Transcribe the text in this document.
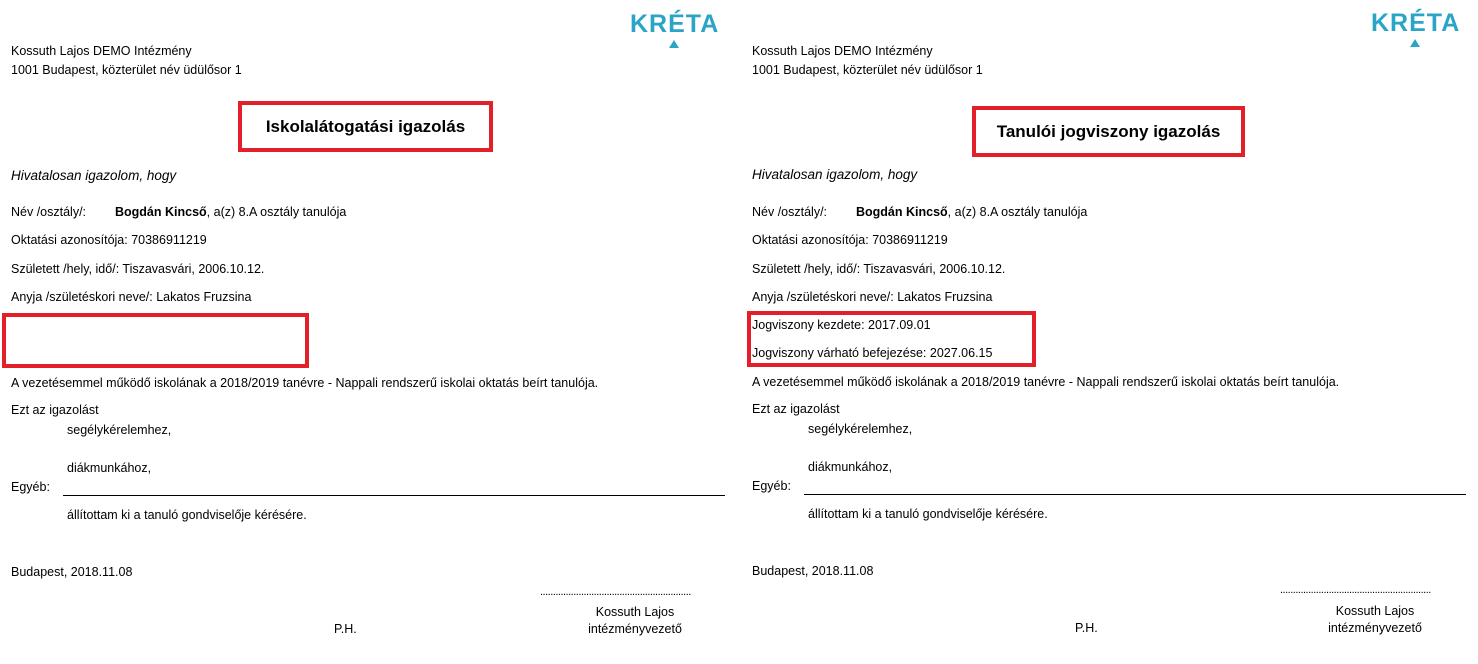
KRÉTA
Kossuth Lajos DEMO Intézmény
1001 Budapest, közterület név üdülősor 1
Iskolalátogatási igazolás
Hivatalosan igazolom, hogy
Név /osztály/: Bogdán Kincső, a(z) 8.A osztály tanulója
Oktatási azonosítója: 70386911219
Született /hely, idő/: Tiszavasvári, 2006.10.12.
Anyja /születéskori neve/: Lakatos Fruzsina
A vezetésemmel működő iskolának a 2018/2019 tanévre - Nappali rendszerű iskolai oktatás beírt tanulója.
Ezt az igazolást
segélykérelemhez,
diákmunkához,
Egyéb:
állítottam ki a tanuló gondviselője kérésére.
Budapest, 2018.11.08
...........................................................
Kossuth Lajos
intézményvezető
P.H.
KRÉTA
Kossuth Lajos DEMO Intézmény
1001 Budapest, közterület név üdülősor 1
Tanulói jogviszony igazolás
Hivatalosan igazolom, hogy
Név /osztály/: Bogdán Kincső, a(z) 8.A osztály tanulója
Oktatási azonosítója: 70386911219
Született /hely, idő/: Tiszavasvári, 2006.10.12.
Anyja /születéskori neve/: Lakatos Fruzsina
Jogviszony kezdete: 2017.09.01
Jogviszony várható befejezése: 2027.06.15
A vezetésemmel működő iskolának a 2018/2019 tanévre - Nappali rendszerű iskolai oktatás beírt tanulója.
Ezt az igazolást
segélykérelemhez,
diákmunkához,
Egyéb:
állítottam ki a tanuló gondviselője kérésére.
Budapest, 2018.11.08
...........................................................
Kossuth Lajos
intézményvezető
P.H.
